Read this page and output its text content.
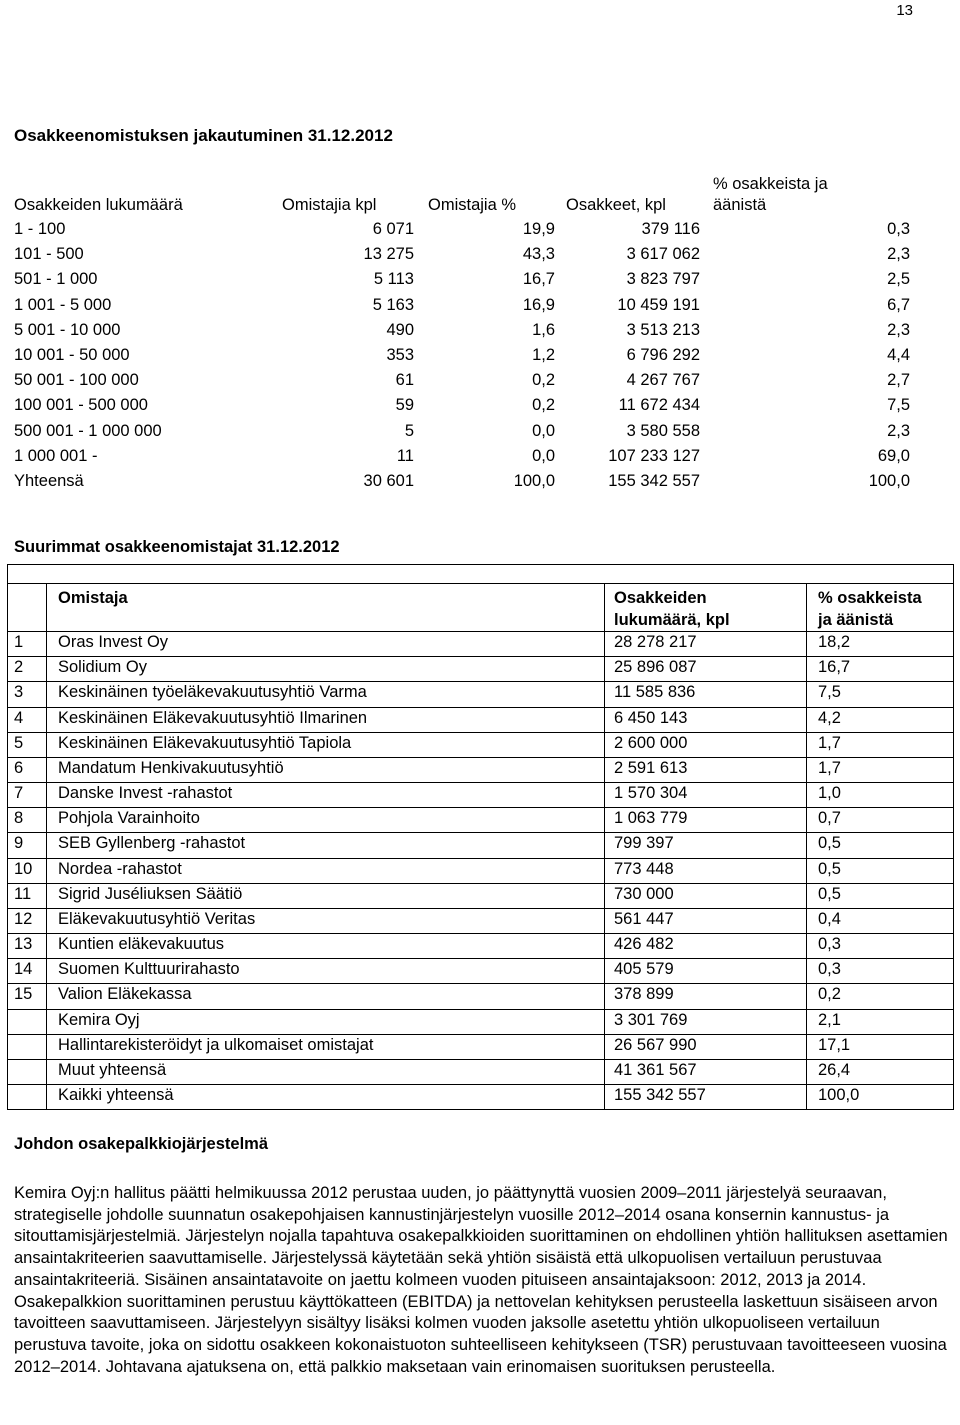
13
Osakkeenomistuksen jakautuminen 31.12.2012
Osakkeiden lukumäärä	Omistajia kpl	Omistajia %	Osakkeet, kpl
% osakkeista ja
äänistä
1 - 100	6 071	19,9	379 116	0,3
101 - 500	13 275	43,3	3 617 062	2,3
501 - 1 000	5 113	16,7	3 823 797	2,5
1 001 - 5 000	5 163	16,9	10 459 191	6,7
5 001 - 10 000	490	1,6	3 513 213	2,3
10 001 - 50 000	353	1,2	6 796 292	4,4
50 001 - 100 000	61	0,2	4 267 767	2,7
100 001 - 500 000	59	0,2	11 672 434	7,5
500 001 - 1 000 000	5	0,0	3 580 558	2,3
1 000 001 -	11	0,0	107 233 127	69,0
Yhteensä	30 601	100,0	155 342 557	100,0
Suurimmat osakkeenomistajat 31.12.2012
Omistaja	Osakkeiden
lukumäärä, kpl
% osakkeista
ja äänistä
1 Oras Invest Oy	28 278 217	18,2
2 Solidium Oy	25 896 087	16,7
3 Keskinäinen työeläkevakuutusyhtiö Varma	11 585 836	7,5
4 Keskinäinen Eläkevakuutusyhtiö Ilmarinen	6 450 143	4,2
5 Keskinäinen Eläkevakuutusyhtiö Tapiola	2 600 000	1,7
6 Mandatum Henkivakuutusyhtiö	2 591 613	1,7
7 Danske Invest -rahastot	1 570 304	1,0
8 Pohjola Varainhoito	1 063 779	0,7
9 SEB Gyllenberg -rahastot	799 397	0,5
10 Nordea -rahastot	773 448	0,5
11 Sigrid Juséliuksen Säätiö	730 000	0,5
12 Eläkevakuutusyhtiö Veritas	561 447	0,4
13 Kuntien eläkevakuutus	426 482	0,3
14 Suomen Kulttuurirahasto	405 579	0,3
15 Valion Eläkekassa	378 899	0,2
Kemira Oyj	3 301 769	2,1
Hallintarekisteröidyt ja ulkomaiset omistajat	26 567 990	17,1
Muut yhteensä	41 361 567	26,4
Kaikki yhteensä	155 342 557	100,0
Johdon osakepalkkiojärjestelmä

Kemira Oyj:n hallitus päätti helmikuussa 2012 perustaa uuden, jo päättynyttä vuosien 2009‒2011 järjestelyä seuraavan, strategiselle johdolle suunnatun osakepohjaisen kannustinjärjestelyn vuosille 2012‒2014 osana konsernin kannustus- ja sitouttamisjärjestelmiä. Järjestelyn nojalla tapahtuva osakepalkkioiden suorittaminen on ehdollinen yhtiön hallituksen asettamien ansaintakriteerien saavuttamiselle. Järjestelyssä käytetään sekä yhtiön sisäistä että ulkopuolisen vertailuun perustuvaa ansaintakriteeriä. Sisäinen ansaintatavoite on jaettu kolmeen vuoden pituiseen ansaintajaksoon: 2012, 2013 ja 2014. Osakepalkkion suorittaminen perustuu käyttökatteen (EBITDA) ja nettovelan kehityksen perusteella laskettuun sisäiseen arvon tavoitteen saavuttamiseen. Järjestelyyn sisältyy lisäksi kolmen vuoden jaksolle asetettu yhtiön ulkopuoliseen vertailuun perustuva tavoite, joka on sidottu osakkeen kokonaistuoton suhteelliseen kehitykseen (TSR) perustuvaan tavoitteeseen vuosina 2012‒2014. Johtavana ajatuksena on, että palkkio maksetaan vain erinomaisen suorituksen perusteella.
